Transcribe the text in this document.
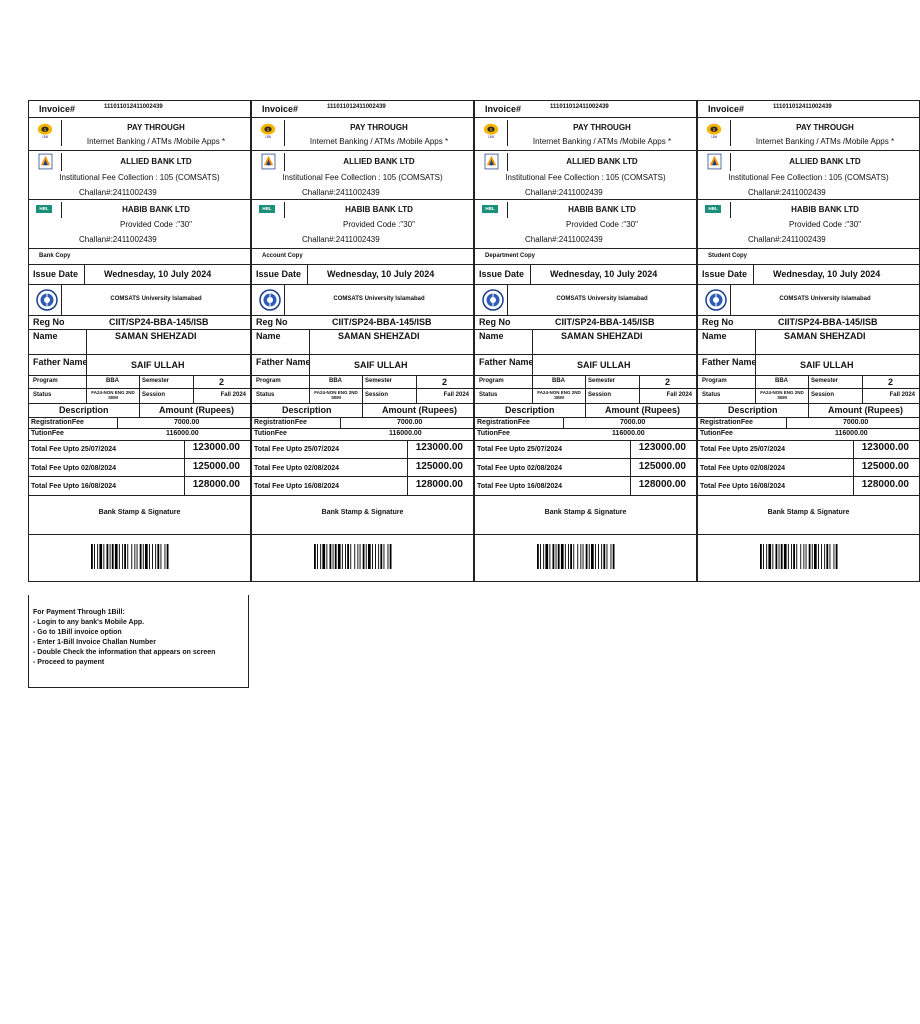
Invoice#	111011012411002439
1
1Bill
PAY THROUGH
Internet Banking / ATMs /Mobile Apps *
ALLIED BANK LTD
Institutional Fee Collection : 105 (COMSATS)
Challan#:2411002439
HBL	HABIB BANK LTD
Provided Code :"30"
Challan#:2411002439
Bank Copy
Issue Date	Wednesday, 10 July 2024
COMSATS University Islamabad
Reg No	CIIT/SP24-BBA-145/ISB
Name	SAMAN SHEHZADI
Father Name	SAIF ULLAH
Program	BBA	Semester	2
Status	FA24-NON ENG 2ND SEM	Session	Fall 2024
Description	Amount (Rupees)
RegistrationFee	7000.00
TutionFee	116000.00
Total Fee Upto 25/07/2024	123000.00
Total Fee Upto 02/08/2024	125000.00
Total Fee Upto 16/08/2024	128000.00
Bank Stamp & Signature
Invoice#	111011012411002439
1
1Bill
PAY THROUGH
Internet Banking / ATMs /Mobile Apps *
ALLIED BANK LTD
Institutional Fee Collection : 105 (COMSATS)
Challan#:2411002439
HBL	HABIB BANK LTD
Provided Code :"30"
Challan#:2411002439
Account Copy
Issue Date	Wednesday, 10 July 2024
COMSATS University Islamabad
Reg No	CIIT/SP24-BBA-145/ISB
Name	SAMAN SHEHZADI
Father Name	SAIF ULLAH
Program	BBA	Semester	2
Status	FA24-NON ENG 2ND SEM	Session	Fall 2024
Description	Amount (Rupees)
RegistrationFee	7000.00
TutionFee	116000.00
Total Fee Upto 25/07/2024	123000.00
Total Fee Upto 02/08/2024	125000.00
Total Fee Upto 16/08/2024	128000.00
Bank Stamp & Signature
Invoice#	111011012411002439
1
1Bill
PAY THROUGH
Internet Banking / ATMs /Mobile Apps *
ALLIED BANK LTD
Institutional Fee Collection : 105 (COMSATS)
Challan#:2411002439
HBL	HABIB BANK LTD
Provided Code :"30"
Challan#:2411002439
Department Copy
Issue Date	Wednesday, 10 July 2024
COMSATS University Islamabad
Reg No	CIIT/SP24-BBA-145/ISB
Name	SAMAN SHEHZADI
Father Name	SAIF ULLAH
Program	BBA	Semester	2
Status	FA24-NON ENG 2ND SEM	Session	Fall 2024
Description	Amount (Rupees)
RegistrationFee	7000.00
TutionFee	116000.00
Total Fee Upto 25/07/2024	123000.00
Total Fee Upto 02/08/2024	125000.00
Total Fee Upto 16/08/2024	128000.00
Bank Stamp & Signature
Invoice#	111011012411002439
1
1Bill
PAY THROUGH
Internet Banking / ATMs /Mobile Apps *
ALLIED BANK LTD
Institutional Fee Collection : 105 (COMSATS)
Challan#:2411002439
HBL	HABIB BANK LTD
Provided Code :"30"
Challan#:2411002439
Student Copy
Issue Date	Wednesday, 10 July 2024
COMSATS University Islamabad
Reg No	CIIT/SP24-BBA-145/ISB
Name	SAMAN SHEHZADI
Father Name	SAIF ULLAH
Program	BBA	Semester	2
Status	FA24-NON ENG 2ND SEM	Session	Fall 2024
Description	Amount (Rupees)
RegistrationFee	7000.00
TutionFee	116000.00
Total Fee Upto 25/07/2024	123000.00
Total Fee Upto 02/08/2024	125000.00
Total Fee Upto 16/08/2024	128000.00
Bank Stamp & Signature
For Payment Through 1Bill:
- Login to any bank's Mobile App.
- Go to 1Bill invoice option
- Enter 1-Bill Invoice Challan Number
- Double Check the information that appears on screen
- Proceed to payment
